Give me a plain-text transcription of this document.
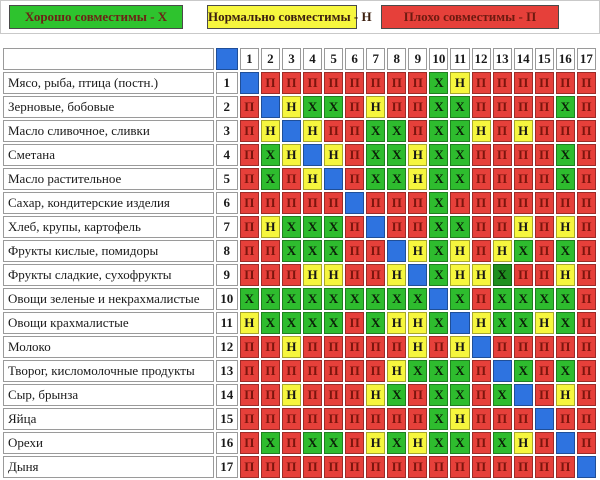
Хорошо совместимы - Х	Нормально совместимы - Н	Плохо совместимы - П
		1	2	3	4	5	6	7	8	9	10	11	12	13	14	15	16	17
Мясо, рыба, птица (постн.)	1		П	П	П	П	П	П	П	П	Х	Н	П	П	П	П	П	П
Зерновые, бобовые	2	П		Н	Х	Х	П	Н	П	П	Х	Х	П	П	П	П	Х	П
Масло сливочное, сливки	3	П	Н		Н	П	П	Х	Х	П	Х	Х	Н	П	Н	П	П	П
Сметана	4	П	Х	Н		Н	П	Х	Х	Н	Х	Х	П	П	П	П	Х	П
Масло растительное	5	П	Х	П	Н		П	Х	Х	Н	Х	Х	П	П	П	П	Х	П
Сахар, кондитерские изделия	6	П	П	П	П	П		П	П	П	Х	П	П	П	П	П	П	П
Хлеб, крупы, картофель	7	П	Н	Х	Х	Х	П		П	П	Х	Х	П	П	Н	П	Н	П
Фрукты кислые, помидоры	8	П	П	Х	Х	Х	П	П		Н	Х	Н	П	Н	Х	П	Х	П
Фрукты сладкие, сухофрукты	9	П	П	П	Н	Н	П	П	Н		Х	Н	Н	Х	П	П	Н	П
Овощи зеленые и некрахмалистые	10	Х	Х	Х	Х	Х	Х	Х	Х	Х		Х	П	Х	Х	Х	Х	П
Овощи крахмалистые	11	Н	Х	Х	Х	Х	П	Х	Н	Н	Х		Н	Х	Х	Н	Х	П
Молоко	12	П	П	Н	П	П	П	П	П	Н	П	Н		П	П	П	П	П
Творог, кисломолочные продукты	13	П	П	П	П	П	П	П	Н	Х	Х	Х	П		Х	П	Х	П
Сыр, брынза	14	П	П	Н	П	П	П	Н	Х	П	Х	Х	П	Х		П	Н	П
Яйца	15	П	П	П	П	П	П	П	П	П	Х	Н	П	П	П		П	П
Орехи	16	П	Х	П	Х	Х	П	Н	Х	Н	Х	Х	П	Х	Н	П		П
Дыня	17	П	П	П	П	П	П	П	П	П	П	П	П	П	П	П	П	
